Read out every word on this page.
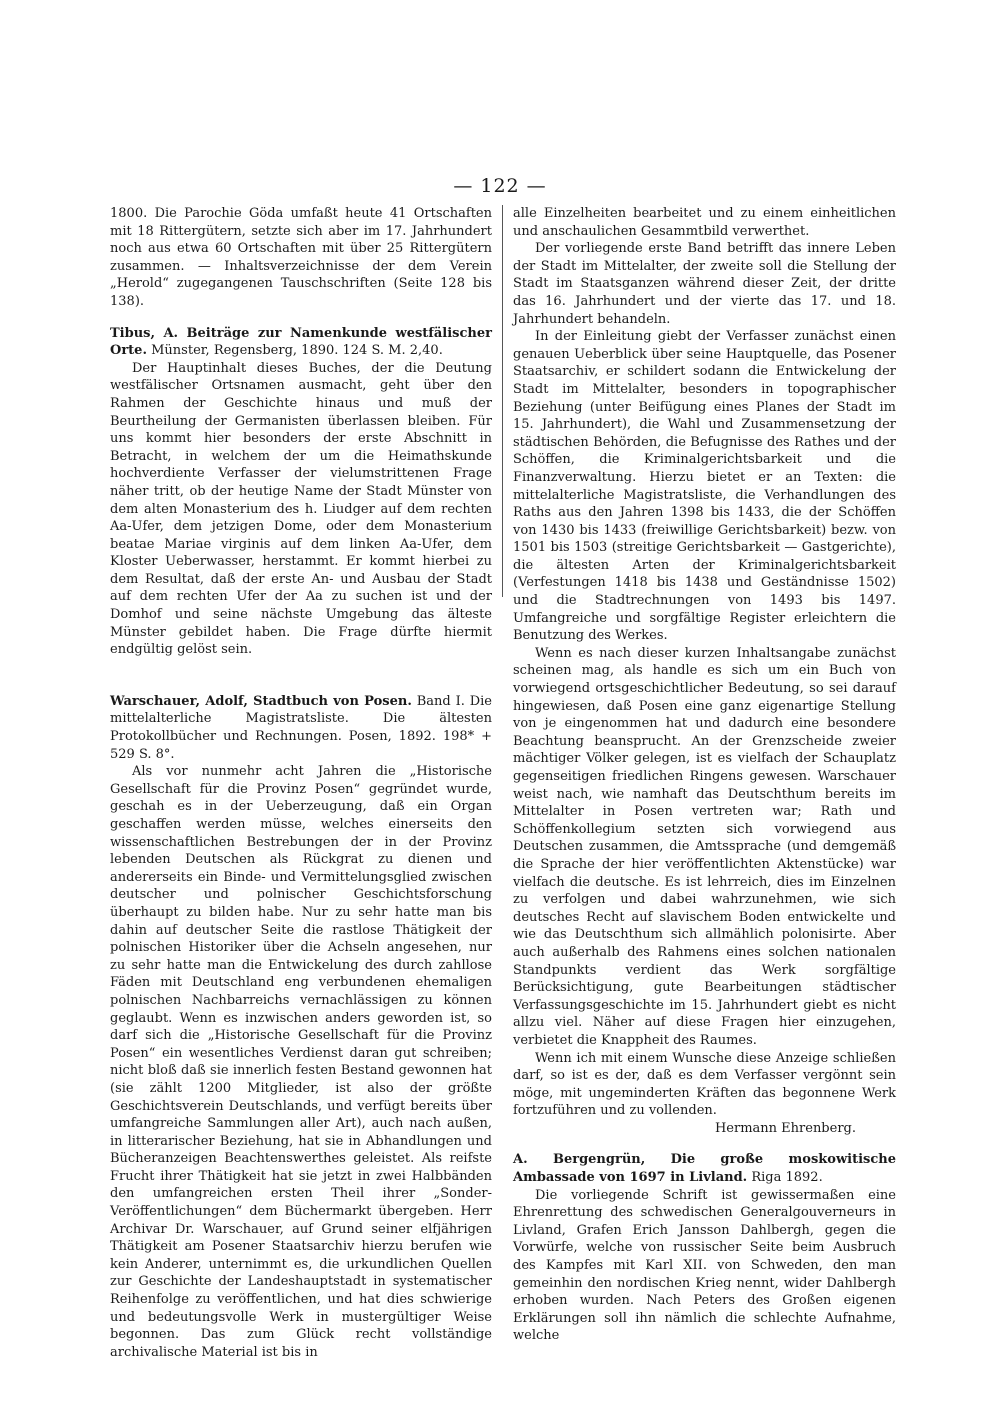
— 122 —

1800. Die Parochie Göda umfaßt heute 41 Ortschaften mit 18 Rittergütern, setzte sich aber im 17. Jahrhundert noch aus etwa 60 Ortschaften mit über 25 Rittergütern zusammen. — Inhaltsverzeichnisse der dem Verein „Herold“ zugegangenen Tauschschriften (Seite 128 bis 138).

Tibus, A. Beiträge zur Namenkunde westfälischer Orte. Münster, Regensberg, 1890. 124 S. M. 2,40.

Der Hauptinhalt dieses Buches, der die Deutung westfälischer Ortsnamen ausmacht, geht über den Rahmen der Geschichte hinaus und muß der Beurtheilung der Germanisten überlassen bleiben. Für uns kommt hier besonders der erste Abschnitt in Betracht, in welchem der um die Heimathskunde hochverdiente Verfasser der vielumstrittenen Frage näher tritt, ob der heutige Name der Stadt Münster von dem alten Monasterium des h. Liudger auf dem rechten Aa-Ufer, dem jetzigen Dome, oder dem Monasterium beatae Mariae virginis auf dem linken Aa-Ufer, dem Kloster Ueberwasser, herstammt. Er kommt hierbei zu dem Resultat, daß der erste An- und Ausbau der Stadt auf dem rechten Ufer der Aa zu suchen ist und der Domhof und seine nächste Umgebung das älteste Münster gebildet haben. Die Frage dürfte hiermit endgültig gelöst sein.

Warschauer, Adolf, Stadtbuch von Posen. Band I. Die mittelalterliche Magistratsliste. Die ältesten Protokollbücher und Rechnungen. Posen, 1892. 198* + 529 S. 8°.

Als vor nunmehr acht Jahren die „Historische Gesellschaft für die Provinz Posen“ gegründet wurde, geschah es in der Ueberzeugung, daß ein Organ geschaffen werden müsse, welches einerseits den wissenschaftlichen Bestrebungen der in der Provinz lebenden Deutschen als Rückgrat zu dienen und andererseits ein Binde- und Vermittelungsglied zwischen deutscher und polnischer Geschichtsforschung überhaupt zu bilden habe. Nur zu sehr hatte man bis dahin auf deutscher Seite die rastlose Thätigkeit der polnischen Historiker über die Achseln angesehen, nur zu sehr hatte man die Entwickelung des durch zahllose Fäden mit Deutschland eng verbundenen ehemaligen polnischen Nachbarreichs vernachlässigen zu können geglaubt. Wenn es inzwischen anders geworden ist, so darf sich die „Historische Gesellschaft für die Provinz Posen“ ein wesentliches Verdienst daran gut schreiben; nicht bloß daß sie innerlich festen Bestand gewonnen hat (sie zählt 1200 Mitglieder, ist also der größte Geschichtsverein Deutschlands, und verfügt bereits über umfangreiche Sammlungen aller Art), auch nach außen, in litterarischer Beziehung, hat sie in Abhandlungen und Bücheranzeigen Beachtenswerthes geleistet. Als reifste Frucht ihrer Thätigkeit hat sie jetzt in zwei Halbbänden den umfangreichen ersten Theil ihrer „Sonder-Veröffentlichungen“ dem Büchermarkt übergeben. Herr Archivar Dr. Warschauer, auf Grund seiner elfjährigen Thätigkeit am Posener Staatsarchiv hierzu berufen wie kein Anderer, unternimmt es, die urkundlichen Quellen zur Geschichte der Landeshauptstadt in systematischer Reihenfolge zu veröffentlichen, und hat dies schwierige und bedeutungsvolle Werk in mustergültiger Weise begonnen. Das zum Glück recht vollständige archivalische Material ist bis in

alle Einzelheiten bearbeitet und zu einem einheitlichen und anschaulichen Gesammtbild verwerthet.

Der vorliegende erste Band betrifft das innere Leben der Stadt im Mittelalter, der zweite soll die Stellung der Stadt im Staatsganzen während dieser Zeit, der dritte das 16. Jahrhundert und der vierte das 17. und 18. Jahrhundert behandeln.

In der Einleitung giebt der Verfasser zunächst einen genauen Ueberblick über seine Hauptquelle, das Posener Staatsarchiv, er schildert sodann die Entwickelung der Stadt im Mittelalter, besonders in topographischer Beziehung (unter Beifügung eines Planes der Stadt im 15. Jahrhundert), die Wahl und Zusammensetzung der städtischen Behörden, die Befugnisse des Rathes und der Schöffen, die Kriminalgerichtsbarkeit und die Finanzverwaltung. Hierzu bietet er an Texten: die mittelalterliche Magistratsliste, die Verhandlungen des Raths aus den Jahren 1398 bis 1433, die der Schöffen von 1430 bis 1433 (freiwillige Gerichtsbarkeit) bezw. von 1501 bis 1503 (streitige Gerichtsbarkeit — Gastgerichte), die ältesten Arten der Kriminalgerichtsbarkeit (Verfestungen 1418 bis 1438 und Geständnisse 1502) und die Stadtrechnungen von 1493 bis 1497. Umfangreiche und sorgfältige Register erleichtern die Benutzung des Werkes.

Wenn es nach dieser kurzen Inhaltsangabe zunächst scheinen mag, als handle es sich um ein Buch von vorwiegend ortsgeschichtlicher Bedeutung, so sei darauf hingewiesen, daß Posen eine ganz eigenartige Stellung von je eingenommen hat und dadurch eine besondere Beachtung beansprucht. An der Grenzscheide zweier mächtiger Völker gelegen, ist es vielfach der Schauplatz gegenseitigen friedlichen Ringens gewesen. Warschauer weist nach, wie namhaft das Deutschthum bereits im Mittelalter in Posen vertreten war; Rath und Schöffenkollegium setzten sich vorwiegend aus Deutschen zusammen, die Amtssprache (und demgemäß die Sprache der hier veröffentlichten Aktenstücke) war vielfach die deutsche. Es ist lehrreich, dies im Einzelnen zu verfolgen und dabei wahrzunehmen, wie sich deutsches Recht auf slavischem Boden entwickelte und wie das Deutschthum sich allmählich polonisirte. Aber auch außerhalb des Rahmens eines solchen nationalen Standpunkts verdient das Werk sorgfältige Berücksichtigung, gute Bearbeitungen städtischer Verfassungsgeschichte im 15. Jahrhundert giebt es nicht allzu viel. Näher auf diese Fragen hier einzugehen, verbietet die Knappheit des Raumes.

Wenn ich mit einem Wunsche diese Anzeige schließen darf, so ist es der, daß es dem Verfasser vergönnt sein möge, mit ungeminderten Kräften das begonnene Werk fortzuführen und zu vollenden.

Hermann Ehrenberg.

A. Bergengrün, Die große moskowitische Ambassade von 1697 in Livland. Riga 1892.

Die vorliegende Schrift ist gewissermaßen eine Ehrenrettung des schwedischen Generalgouverneurs in Livland, Grafen Erich Jansson Dahlbergh, gegen die Vorwürfe, welche von russischer Seite beim Ausbruch des Kampfes mit Karl XII. von Schweden, den man gemeinhin den nordischen Krieg nennt, wider Dahlbergh erhoben wurden. Nach Peters des Großen eigenen Erklärungen soll ihn nämlich die schlechte Aufnahme, welche
